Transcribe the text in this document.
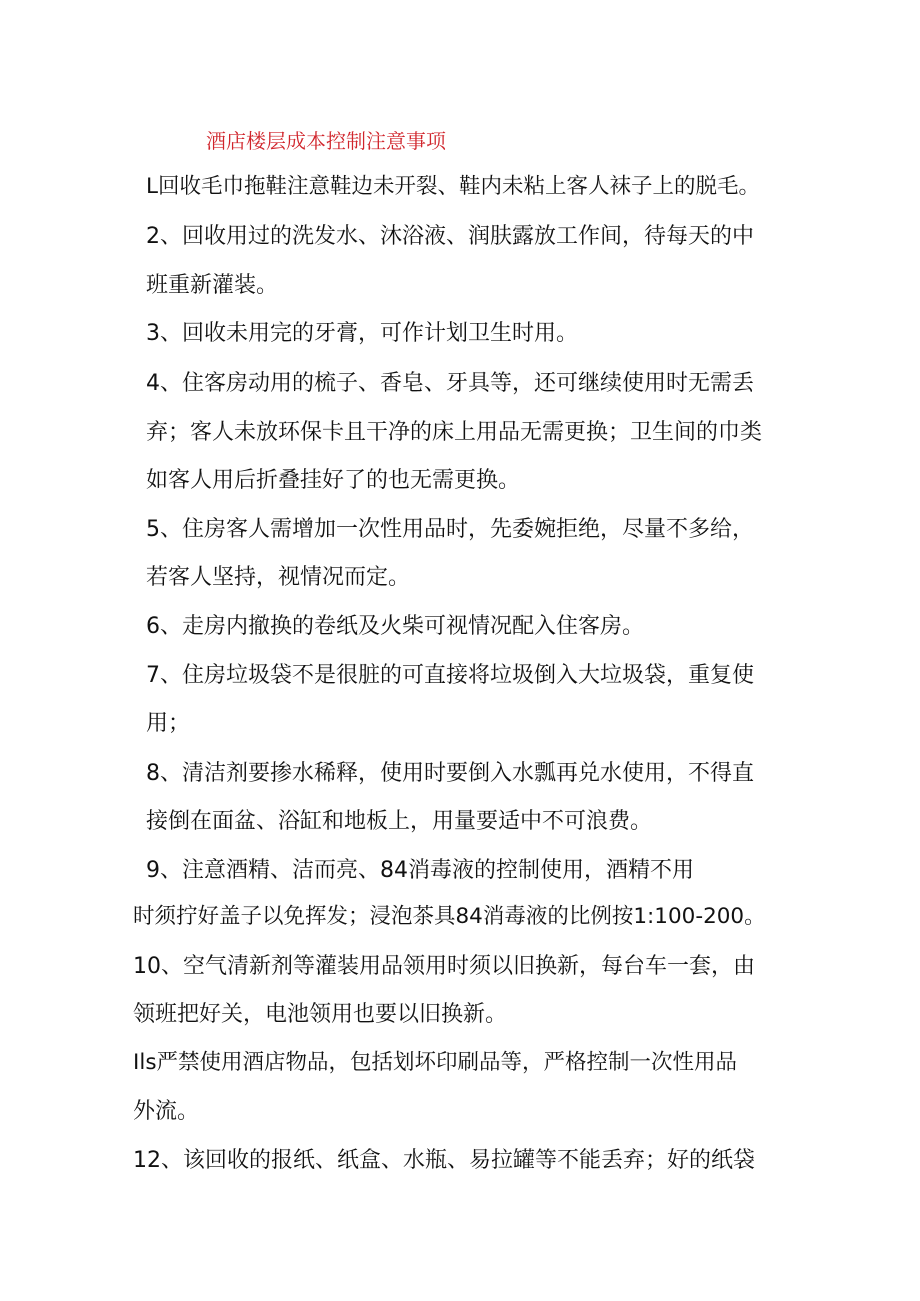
酒店楼层成本控制注意事项
L回收毛巾拖鞋注意鞋边未开裂、鞋内未粘上客人袜子上的脱毛。
2、回收用过的洗发水、沐浴液、润肤露放工作间，待每天的中
班重新灌装。
3、回收未用完的牙膏，可作计划卫生时用。
4、住客房动用的梳子、香皂、牙具等，还可继续使用时无需丢
弃；客人未放环保卡且干净的床上用品无需更换；卫生间的巾类
如客人用后折叠挂好了的也无需更换。
5、住房客人需增加一次性用品时，先委婉拒绝，尽量不多给，
若客人坚持，视情况而定。
6、走房内撤换的卷纸及火柴可视情况配入住客房。
7、住房垃圾袋不是很脏的可直接将垃圾倒入大垃圾袋，重复使
用；
8、清洁剂要掺水稀释，使用时要倒入水瓢再兑水使用，不得直
接倒在面盆、浴缸和地板上，用量要适中不可浪费。
9、注意酒精、洁而亮、84消毒液的控制使用，酒精不用
时须拧好盖子以免挥发；浸泡茶具84消毒液的比例按1:100-200。
10、空气清新剂等灌装用品领用时须以旧换新，每台车一套，由
领班把好关，电池领用也要以旧换新。
Ils严禁使用酒店物品，包括划坏印刷品等，严格控制一次性用品
外流。
12、该回收的报纸、纸盒、水瓶、易拉罐等不能丢弃；好的纸袋
